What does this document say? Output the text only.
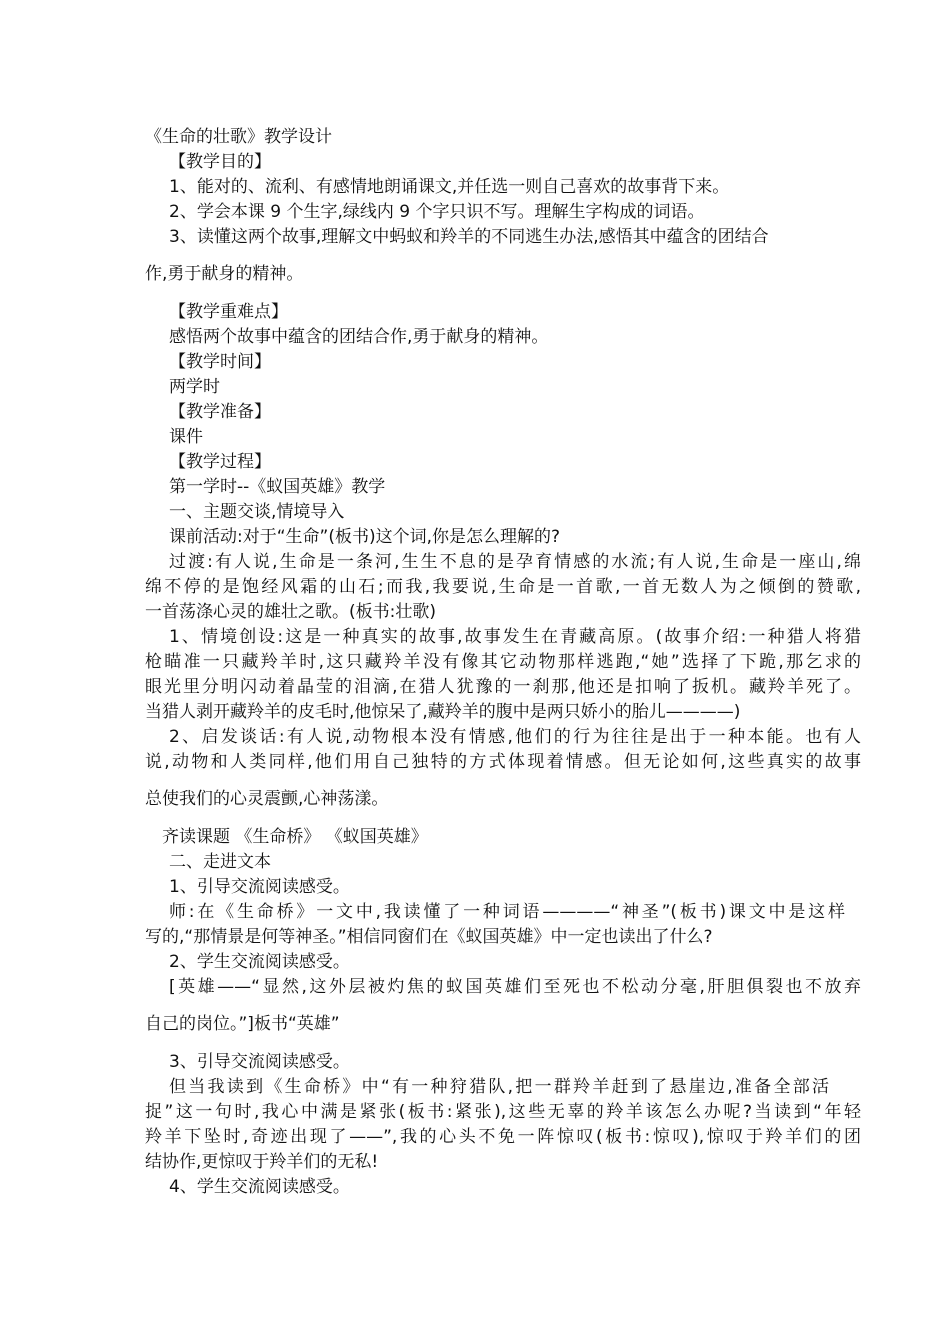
《生命的壮歌》教学设计
【教学目的】
1、能对的、流利、有感情地朗诵课文,并任选一则自己喜欢的故事背下来。
2、学会本课 9 个生字,绿线内 9 个字只识不写。理解生字构成的词语。
3、读懂这两个故事,理解文中蚂蚁和羚羊的不同逃生办法,感悟其中蕴含的团结合
作,勇于献身的精神。
【教学重难点】
感悟两个故事中蕴含的团结合作,勇于献身的精神。
【教学时间】
两学时
【教学准备】
课件
【教学过程】
第一学时--《蚁国英雄》教学
一、主题交谈,情境导入
课前活动:对于“生命”(板书)这个词,你是怎么理解的?
过渡:有人说,生命是一条河,生生不息的是孕育情感的水流;有人说,生命是一座山,绵
绵不停的是饱经风霜的山石;而我,我要说,生命是一首歌,一首无数人为之倾倒的赞歌,
一首荡涤心灵的雄壮之歌。(板书:壮歌)
1、情境创设:这是一种真实的故事,故事发生在青藏高原。(故事介绍:一种猎人将猎
枪瞄准一只藏羚羊时,这只藏羚羊没有像其它动物那样逃跑,“她”选择了下跪,那乞求的
眼光里分明闪动着晶莹的泪滴,在猎人犹豫的一刹那,他还是扣响了扳机。藏羚羊死了。
当猎人剥开藏羚羊的皮毛时,他惊呆了,藏羚羊的腹中是两只娇小的胎儿————)
2、启发谈话:有人说,动物根本没有情感,他们的行为往往是出于一种本能。也有人
说,动物和人类同样,他们用自己独特的方式体现着情感。但无论如何,这些真实的故事
总使我们的心灵震颤,心神荡漾。
齐读课题 《生命桥》 《蚁国英雄》
二、走进文本
1、引导交流阅读感受。
师:在《生命桥》一文中,我读懂了一种词语————“神圣”(板书)课文中是这样
写的,“那情景是何等神圣。”相信同窗们在《蚁国英雄》中一定也读出了什么?
2、学生交流阅读感受。
[英雄——“显然,这外层被灼焦的蚁国英雄们至死也不松动分毫,肝胆俱裂也不放弃
自己的岗位。”]板书“英雄”
3、引导交流阅读感受。
但当我读到《生命桥》中“有一种狩猎队,把一群羚羊赶到了悬崖边,准备全部活
捉”这一句时,我心中满是紧张(板书:紧张),这些无辜的羚羊该怎么办呢?当读到“年轻
羚羊下坠时,奇迹出现了——”,我的心头不免一阵惊叹(板书:惊叹),惊叹于羚羊们的团
结协作,更惊叹于羚羊们的无私!
4、学生交流阅读感受。
